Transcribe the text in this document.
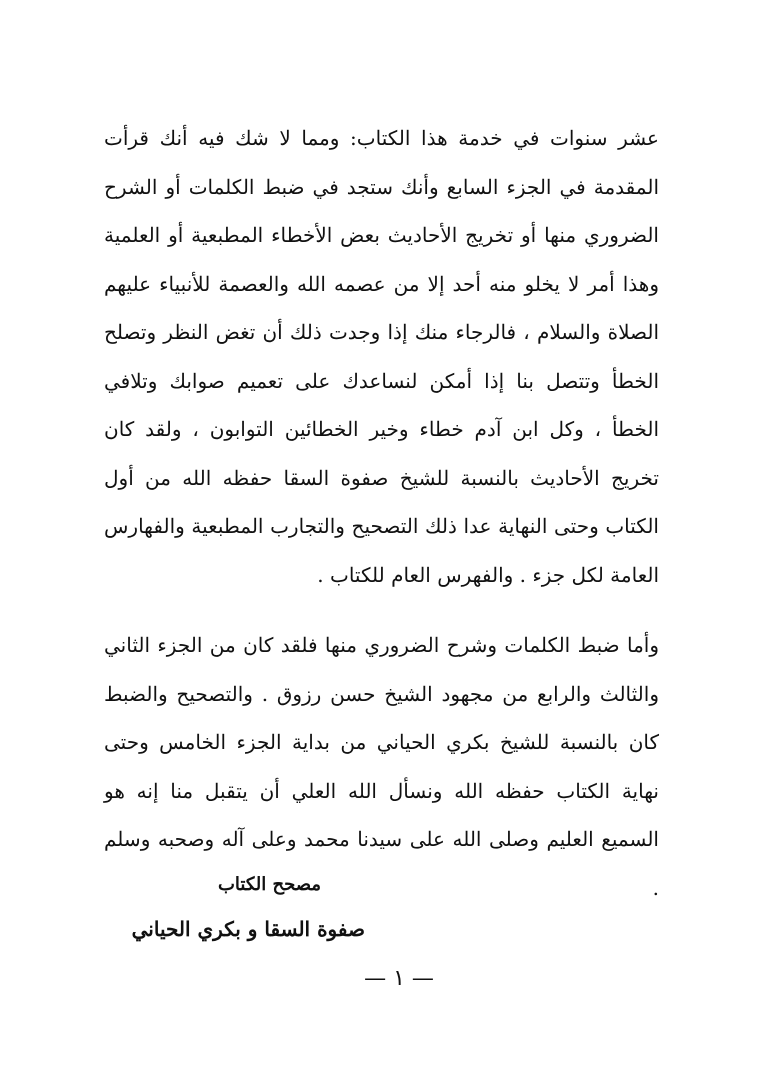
عشر سنوات في خدمة هذا الكتاب: ومما لا شك فيه أنك قرأت المقدمة في الجزء السابع وأنك ستجد في ضبط الكلمات أو الشرح الضروري منها أو تخريج الأحاديث بعض الأخطاء المطبعية أو العلمية وهذا أمر لا يخلو منه أحد إلا من عصمه الله والعصمة للأنبياء عليهم الصلاة والسلام ، فالرجاء منك إذا وجدت ذلك أن تغض النظر وتصلح الخطأ وتتصل بنا إذا أمكن لنساعدك على تعميم صوابك وتلافي الخطأ ، وكل ابن آدم خطاء وخير الخطائين التوابون ، ولقد كان تخريج الأحاديث بالنسبة للشيخ صفوة السقا حفظه الله من أول الكتاب وحتى النهاية عدا ذلك التصحيح والتجارب المطبعية والفهارس العامة لكل جزء . والفهرس العام للكتاب .

وأما ضبط الكلمات وشرح الضروري منها فلقد كان من الجزء الثاني والثالث والرابع من مجهود الشيخ حسن رزوق . والتصحيح والضبط كان بالنسبة للشيخ بكري الحياني من بداية الجزء الخامس وحتى نهاية الكتاب حفظه الله ونسأل الله العلي أن يتقبل منا إنه هو السميع العليم وصلى الله على سيدنا محمد وعلى آله وصحبه وسلم .

مصحح الكتاب
صفوة السقا و بكري الحياني
— ١ —
